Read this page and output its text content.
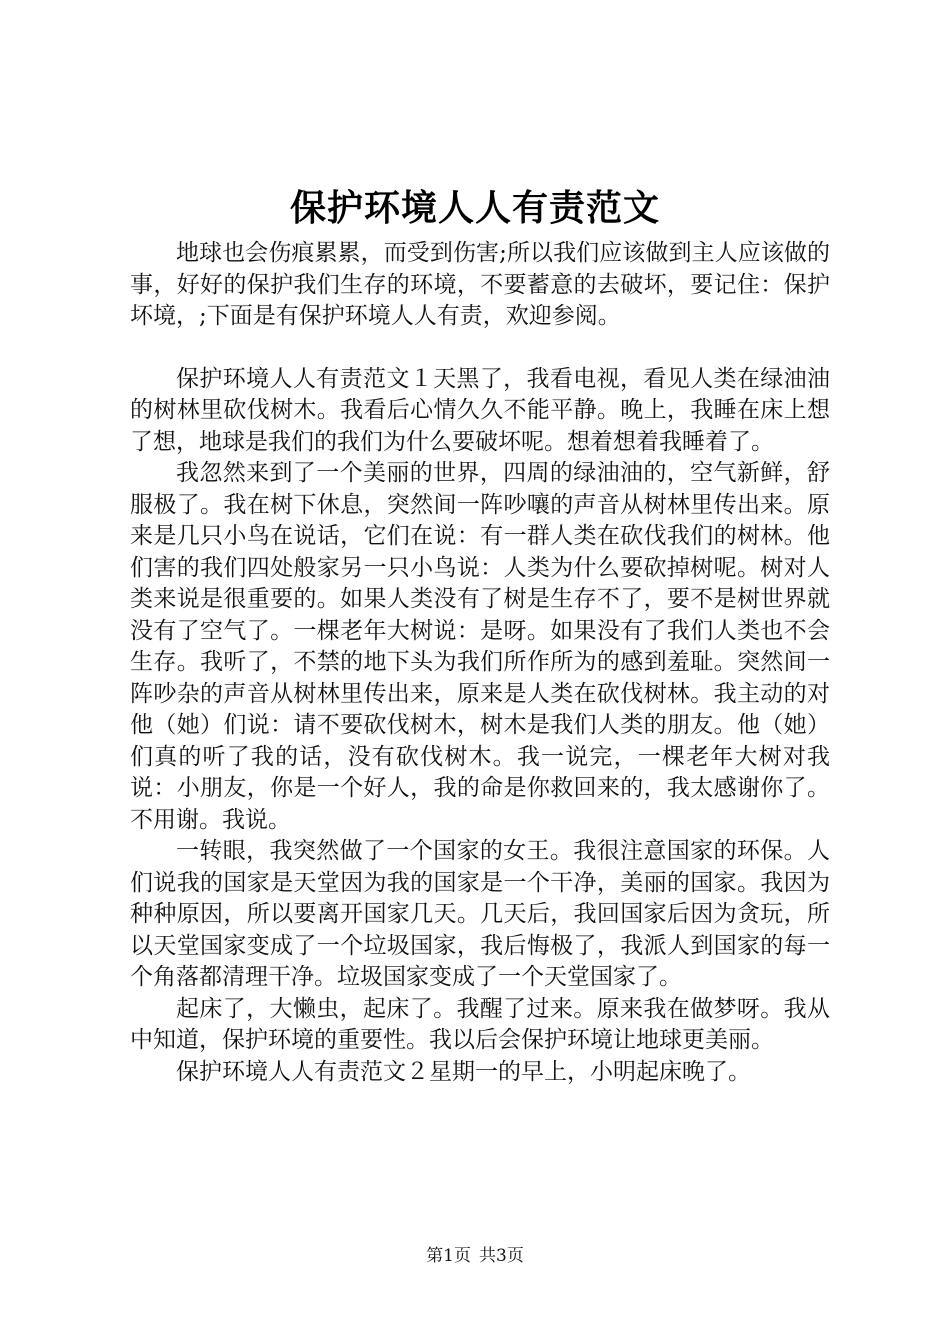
保护环境人人有责范文

地球也会伤痕累累，而受到伤害;所以我们应该做到主人应该做的事，好好的保护我们生存的环境，不要蓄意的去破坏，要记住：保护坏境，;下面是有保护环境人人有责，欢迎参阅。

保护环境人人有责范文１天黑了，我看电视，看见人类在绿油油的树林里砍伐树木。我看后心情久久不能平静。晚上，我睡在床上想了想，地球是我们的我们为什么要破坏呢。想着想着我睡着了。

我忽然来到了一个美丽的世界，四周的绿油油的，空气新鲜，舒服极了。我在树下休息，突然间一阵吵嚷的声音从树林里传出来。原来是几只小鸟在说话，它们在说：有一群人类在砍伐我们的树林。他们害的我们四处般家另一只小鸟说：人类为什么要砍掉树呢。树对人类来说是很重要的。如果人类没有了树是生存不了，要不是树世界就没有了空气了。一棵老年大树说：是呀。如果没有了我们人类也不会生存。我听了，不禁的地下头为我们所作所为的感到羞耻。突然间一阵吵杂的声音从树林里传出来，原来是人类在砍伐树林。我主动的对他（她）们说：请不要砍伐树木，树木是我们人类的朋友。他（她）们真的听了我的话，没有砍伐树木。我一说完，一棵老年大树对我说：小朋友，你是一个好人，我的命是你救回来的，我太感谢你了。不用谢。我说。

一转眼，我突然做了一个国家的女王。我很注意国家的环保。人们说我的国家是天堂因为我的国家是一个干净，美丽的国家。我因为种种原因，所以要离开国家几天。几天后，我回国家后因为贪玩，所以天堂国家变成了一个垃圾国家，我后悔极了，我派人到国家的每一个角落都清理干净。垃圾国家变成了一个天堂国家了。

起床了，大懒虫，起床了。我醒了过来。原来我在做梦呀。我从中知道，保护环境的重要性。我以后会保护环境让地球更美丽。

保护环境人人有责范文２星期一的早上，小明起床晚了。

第1页 共3页
